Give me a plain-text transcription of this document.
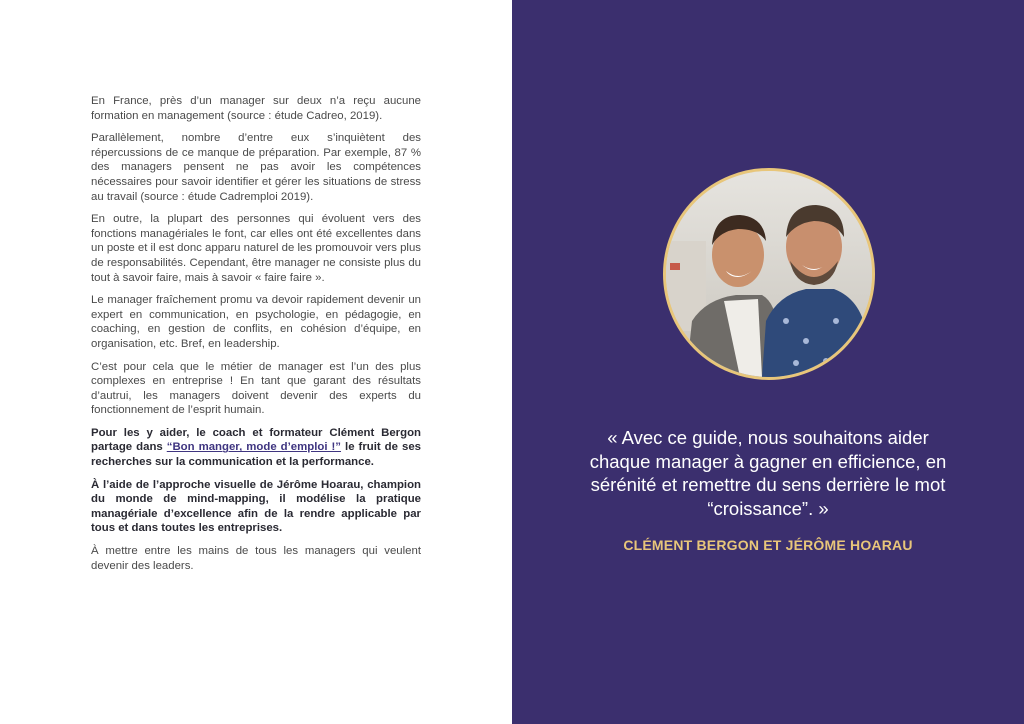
En France, près d’un manager sur deux n’a reçu aucune formation en management (source : étude Cadreo, 2019).

Parallèlement, nombre d’entre eux s’inquiètent des répercussions de ce manque de préparation. Par exemple, 87 % des managers pensent ne pas avoir les compétences nécessaires pour savoir identifier et gérer les situations de stress au travail (source : étude Cadremploi 2019).

En outre, la plupart des personnes qui évoluent vers des fonctions managériales le font, car elles ont été excellentes dans un poste et il est donc apparu naturel de les promouvoir vers plus de responsabilités. Cependant, être manager ne consiste plus du tout à savoir faire, mais à savoir « faire faire ».

Le manager fraîchement promu va devoir rapidement devenir un expert en communication, en psychologie, en pédagogie, en coaching, en gestion de conflits, en cohésion d’équipe, en organisation, etc. Bref, en leadership.

C’est pour cela que le métier de manager est l’un des plus complexes en entreprise ! En tant que garant des résultats d’autrui, les managers doivent devenir des experts du fonctionnement de l’esprit humain.

Pour les y aider, le coach et formateur Clément Bergon partage dans “Bon manger, mode d’emploi !” le fruit de ses recherches sur la communication et la performance.

À l’aide de l’approche visuelle de Jérôme Hoarau, champion du monde de mind-mapping, il modélise la pratique managériale d’excellence afin de la rendre applicable par tous et dans toutes les entreprises.

À mettre entre les mains de tous les managers qui veulent devenir des leaders.

« Avec ce guide, nous souhaitons aider chaque manager à gagner en efficience, en sérénité et remettre du sens derrière le mot “croissance”. »
CLÉMENT BERGON ET JÉRÔME HOARAU
